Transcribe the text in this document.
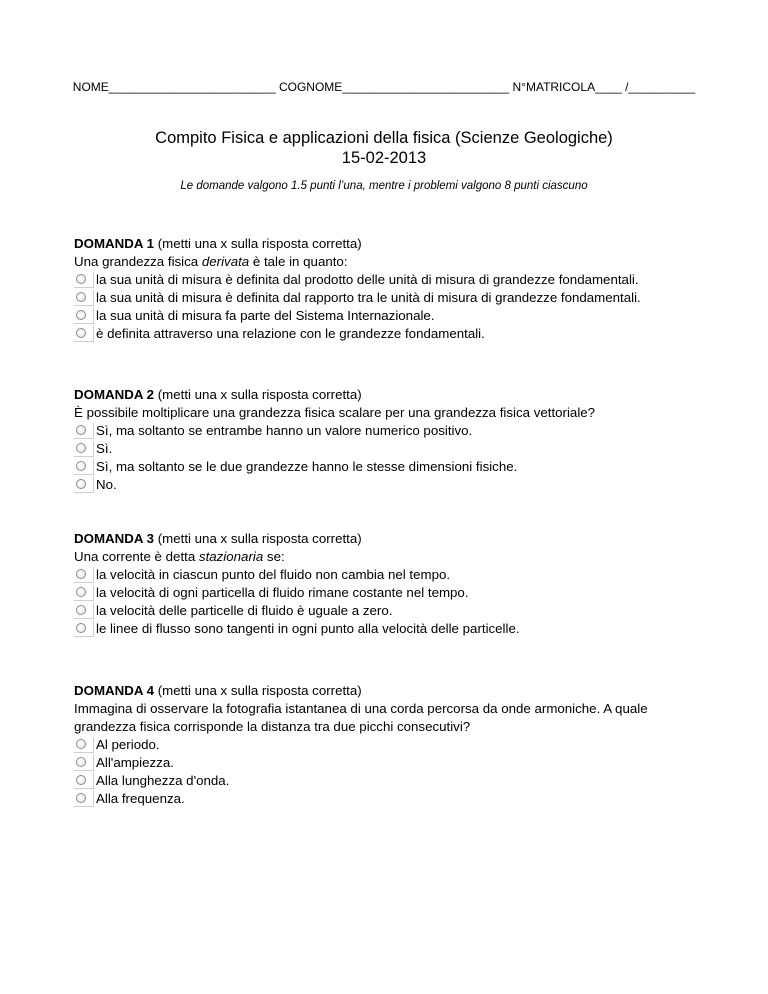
NOME_________________________ COGNOME_________________________ N°MATRICOLA____ /__________
Compito Fisica e applicazioni della fisica (Scienze Geologiche)
15-02-2013
Le domande valgono 1.5 punti l’una, mentre i problemi valgono 8 punti ciascuno
DOMANDA 1 (metti una x sulla risposta corretta)
Una grandezza fisica derivata è tale in quanto:
la sua unità di misura è definita dal prodotto delle unità di misura di grandezze fondamentali.
la sua unità di misura è definita dal rapporto tra le unità di misura di grandezze fondamentali.
la sua unità di misura fa parte del Sistema Internazionale.
è definita attraverso una relazione con le grandezze fondamentali.
DOMANDA 2 (metti una x sulla risposta corretta)
È possibile moltiplicare una grandezza fisica scalare per una grandezza fisica vettoriale?
Sì, ma soltanto se entrambe hanno un valore numerico positivo.
Sì.
Sì, ma soltanto se le due grandezze hanno le stesse dimensioni fisiche.
No.
DOMANDA 3 (metti una x sulla risposta corretta)
Una corrente è detta stazionaria se:
la velocità in ciascun punto del fluido non cambia nel tempo.
la velocità di ogni particella di fluido rimane costante nel tempo.
la velocità delle particelle di fluido è uguale a zero.
le linee di flusso sono tangenti in ogni punto alla velocità delle particelle.
DOMANDA 4 (metti una x sulla risposta corretta)
Immagina di osservare la fotografia istantanea di una corda percorsa da onde armoniche. A quale grandezza fisica corrisponde la distanza tra due picchi consecutivi?
Al periodo.
All'ampiezza.
Alla lunghezza d'onda.
Alla frequenza.
